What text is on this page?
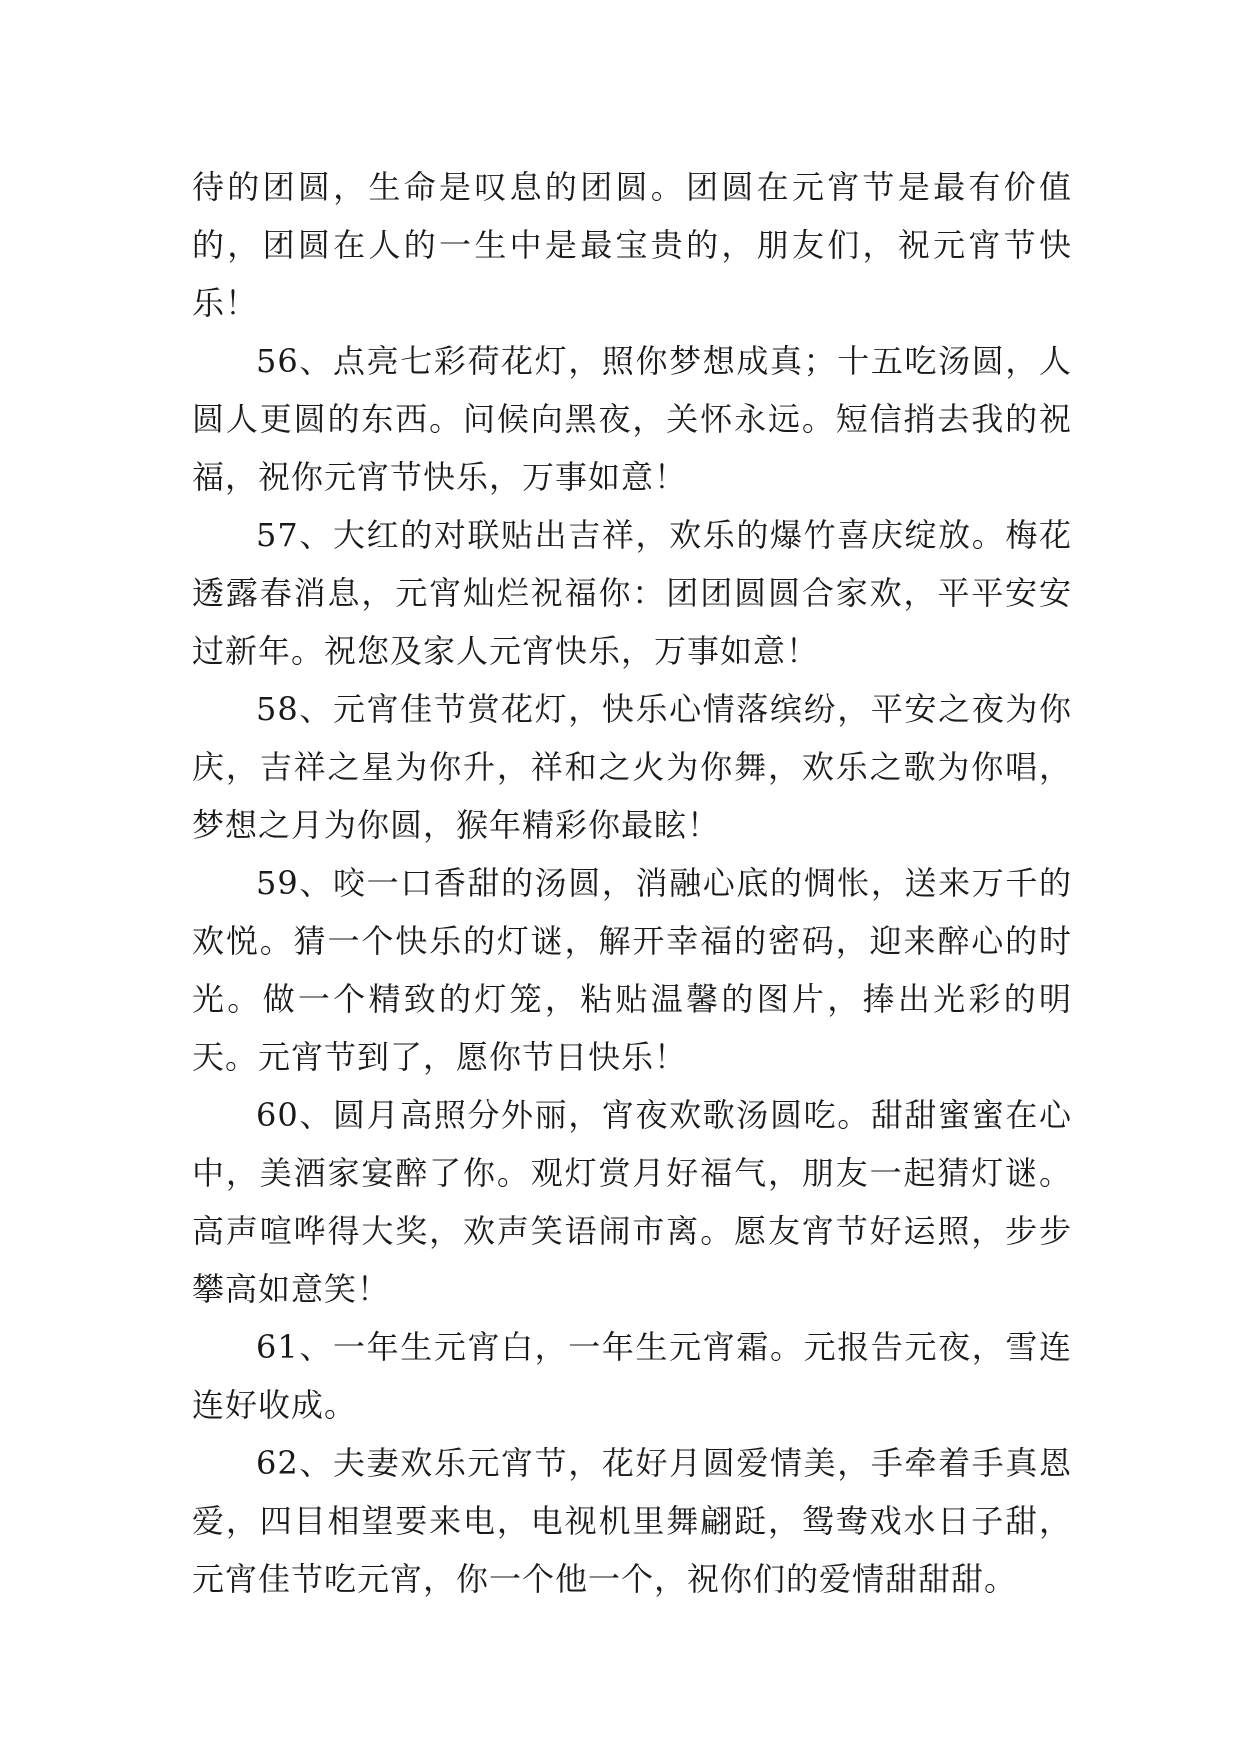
待的团圆，生命是叹息的团圆。团圆在元宵节是最有价值的，团圆在人的一生中是最宝贵的，朋友们，祝元宵节快乐！

56、点亮七彩荷花灯，照你梦想成真；十五吃汤圆，人圆人更圆的东西。问候向黑夜，关怀永远。短信捎去我的祝福，祝你元宵节快乐，万事如意！

57、大红的对联贴出吉祥，欢乐的爆竹喜庆绽放。梅花透露春消息，元宵灿烂祝福你：团团圆圆合家欢，平平安安过新年。祝您及家人元宵快乐，万事如意！

58、元宵佳节赏花灯，快乐心情落缤纷，平安之夜为你庆，吉祥之星为你升，祥和之火为你舞，欢乐之歌为你唱，梦想之月为你圆，猴年精彩你最眩！

59、咬一口香甜的汤圆，消融心底的惆怅，送来万千的欢悦。猜一个快乐的灯谜，解开幸福的密码，迎来醉心的时光。做一个精致的灯笼，粘贴温馨的图片，捧出光彩的明天。元宵节到了，愿你节日快乐！

60、圆月高照分外丽，宵夜欢歌汤圆吃。甜甜蜜蜜在心中，美酒家宴醉了你。观灯赏月好福气，朋友一起猜灯谜。高声喧哗得大奖，欢声笑语闹市离。愿友宵节好运照，步步攀高如意笑！

61、一年生元宵白，一年生元宵霜。元报告元夜，雪连连好收成。

62、夫妻欢乐元宵节，花好月圆爱情美，手牵着手真恩爱，四目相望要来电，电视机里舞翩跹，鸳鸯戏水日子甜，元宵佳节吃元宵，你一个他一个，祝你们的爱情甜甜甜。
